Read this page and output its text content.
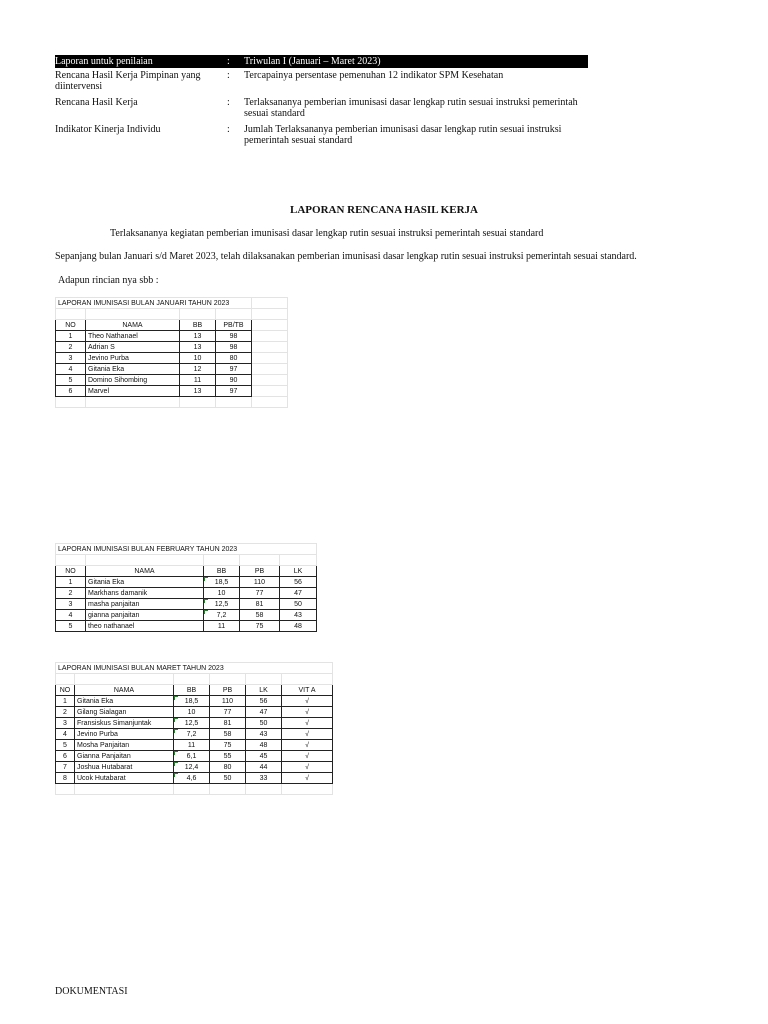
Laporan untuk penilaian	: Triwulan I (Januari – Maret 2023)
Rencana Hasil Kerja Pimpinan yang diintervensi
: Tercapainya persentase pemenuhan 12 indikator SPM Kesehatan
Rencana Hasil Kerja	: Terlaksananya pemberian imunisasi dasar lengkap rutin sesuai instruksi pemerintah sesuai standard
Indikator Kinerja Individu	: Jumlah Terlaksananya pemberian imunisasi dasar lengkap rutin sesuai instruksi pemerintah sesuai standard
LAPORAN RENCANA HASIL KERJA
Terlaksananya kegiatan pemberian imunisasi dasar lengkap rutin sesuai instruksi pemerintah sesuai standard
Sepanjang bulan Januari s/d Maret 2023, telah dilaksanakan pemberian imunisasi dasar lengkap rutin sesuai instruksi pemerintah sesuai standard.
Adapun rincian nya sbb :
LAPORAN IMUNISASI BULAN JANUARI TAHUN 2023				

NO	NAMA	BB	PB/TB	
1	Theo Nathanael	13	98	
2	Adrian S	13	98	
3	Jevino Purba	10	80	
4	Gitania Eka	12	97	
5	Domino Sihombing	11	90	
6	Marvel	13	97	

LAPORAN IMUNISASI BULAN FEBRUARY TAHUN 2023				

NO	NAMA	BB	PB	LK
1	Gitania Eka	18,5	110	56
2	Markhans damanik	10	77	47
3	masha panjaitan	12,5	81	50
4	gianna panjaitan	7,2	58	43
5	theo nathanael	11	75	48
LAPORAN IMUNISASI BULAN MARET TAHUN 2023					

NO	NAMA	BB	PB	LK	VIT A
1	Gitania Eka	18,5	110	56	√
2	Gilang Sialagan	10	77	47	√
3	Fransiskus Simanjuntak	12,5	81	50	√
4	Jevino Purba	7,2	58	43	√
5	Mosha Panjaitan	11	75	48	√
6	Gianna Panjaitan	6,1	55	45	√
7	Joshua Hutabarat	12,4	80	44	√
8	Ucok Hutabarat	4,6	50	33	√

DOKUMENTASI
